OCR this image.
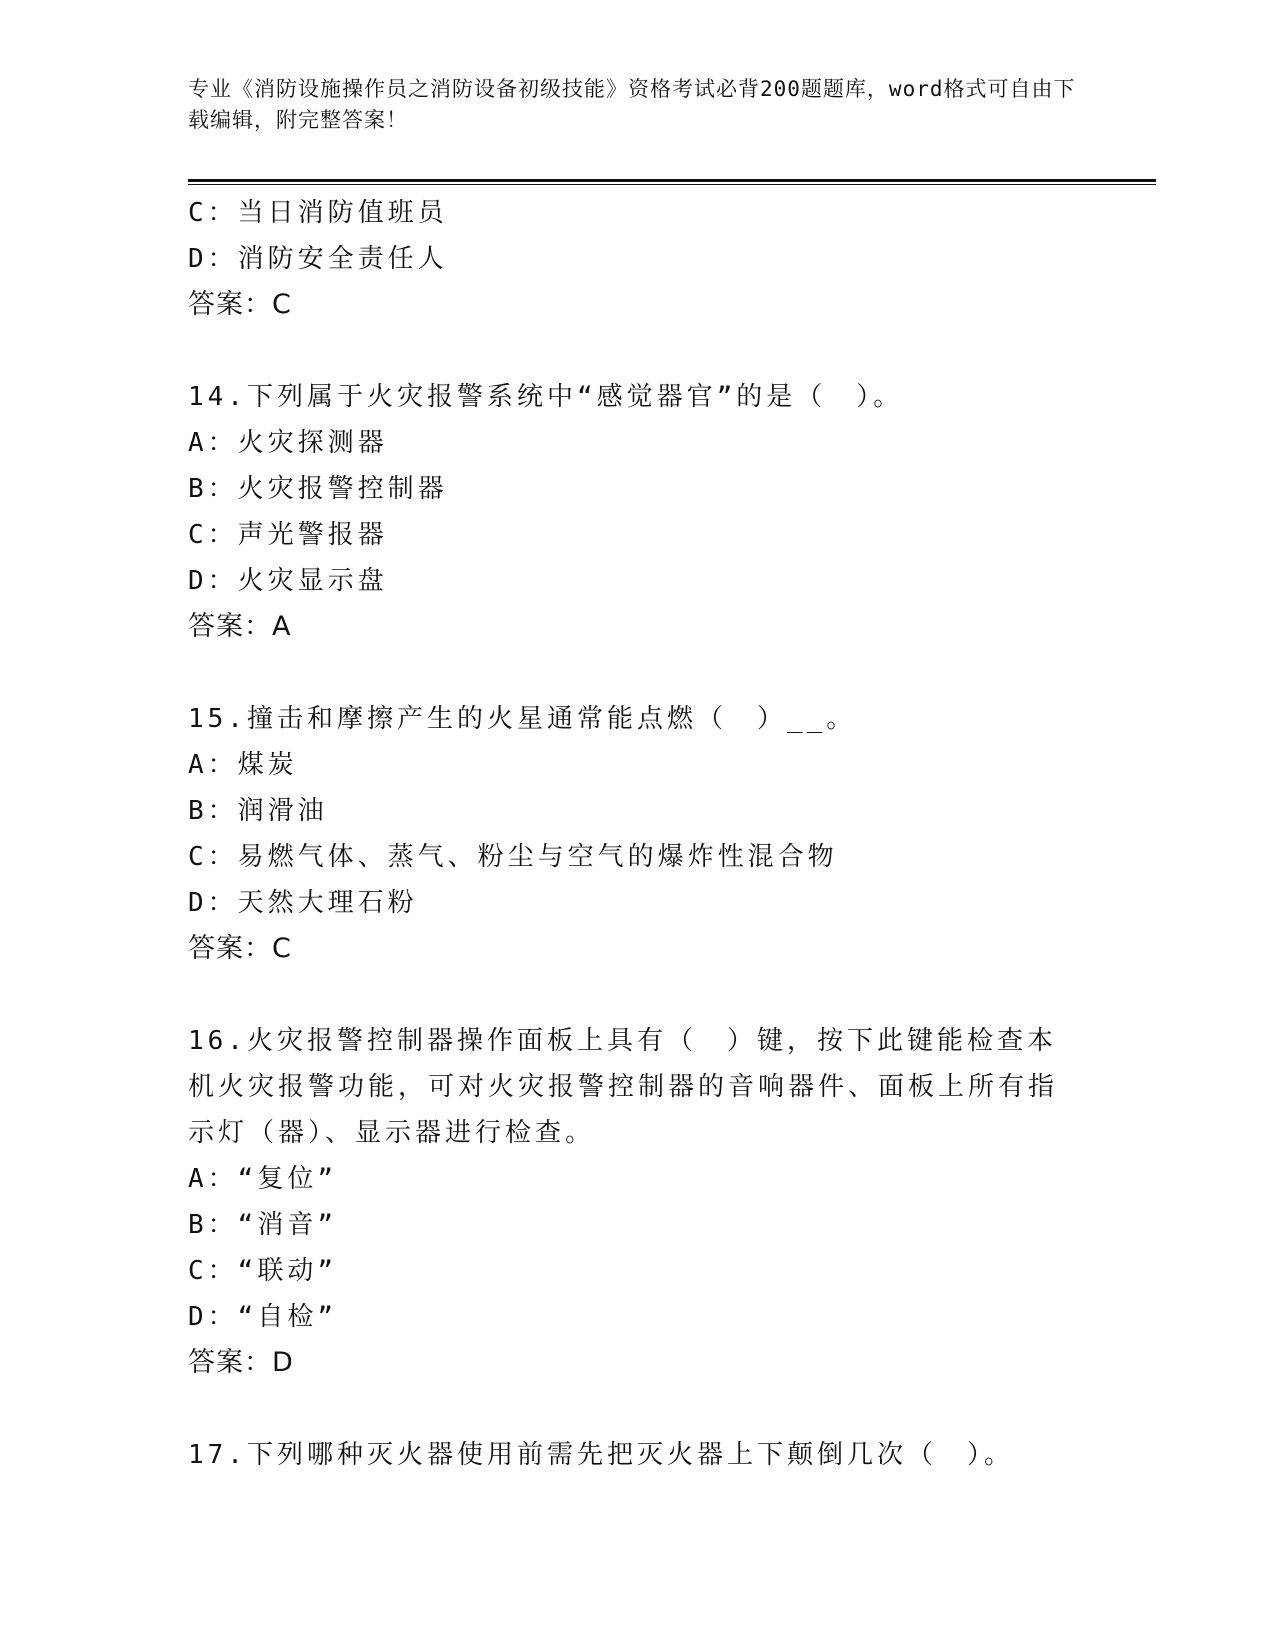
专业《消防设施操作员之消防设备初级技能》资格考试必背200题题库，word格式可自由下载编辑，附完整答案！
C：当日消防值班员
D：消防安全责任人
答案：C
14.下列属于火灾报警系统中“感觉器官”的是（　）。
A：火灾探测器
B：火灾报警控制器
C：声光警报器
D：火灾显示盘
答案：A
15.撞击和摩擦产生的火星通常能点燃（　）__。
A：煤炭
B：润滑油
C：易燃气体、蒸气、粉尘与空气的爆炸性混合物
D：天然大理石粉
答案：C
16.火灾报警控制器操作面板上具有（　）键，按下此键能检查本机火灾报警功能，可对火灾报警控制器的音响器件、面板上所有指示灯（器）、显示器进行检查。
A：“复位”
B：“消音”
C：“联动”
D：“自检”
答案：D
17.下列哪种灭火器使用前需先把灭火器上下颠倒几次（　）。
